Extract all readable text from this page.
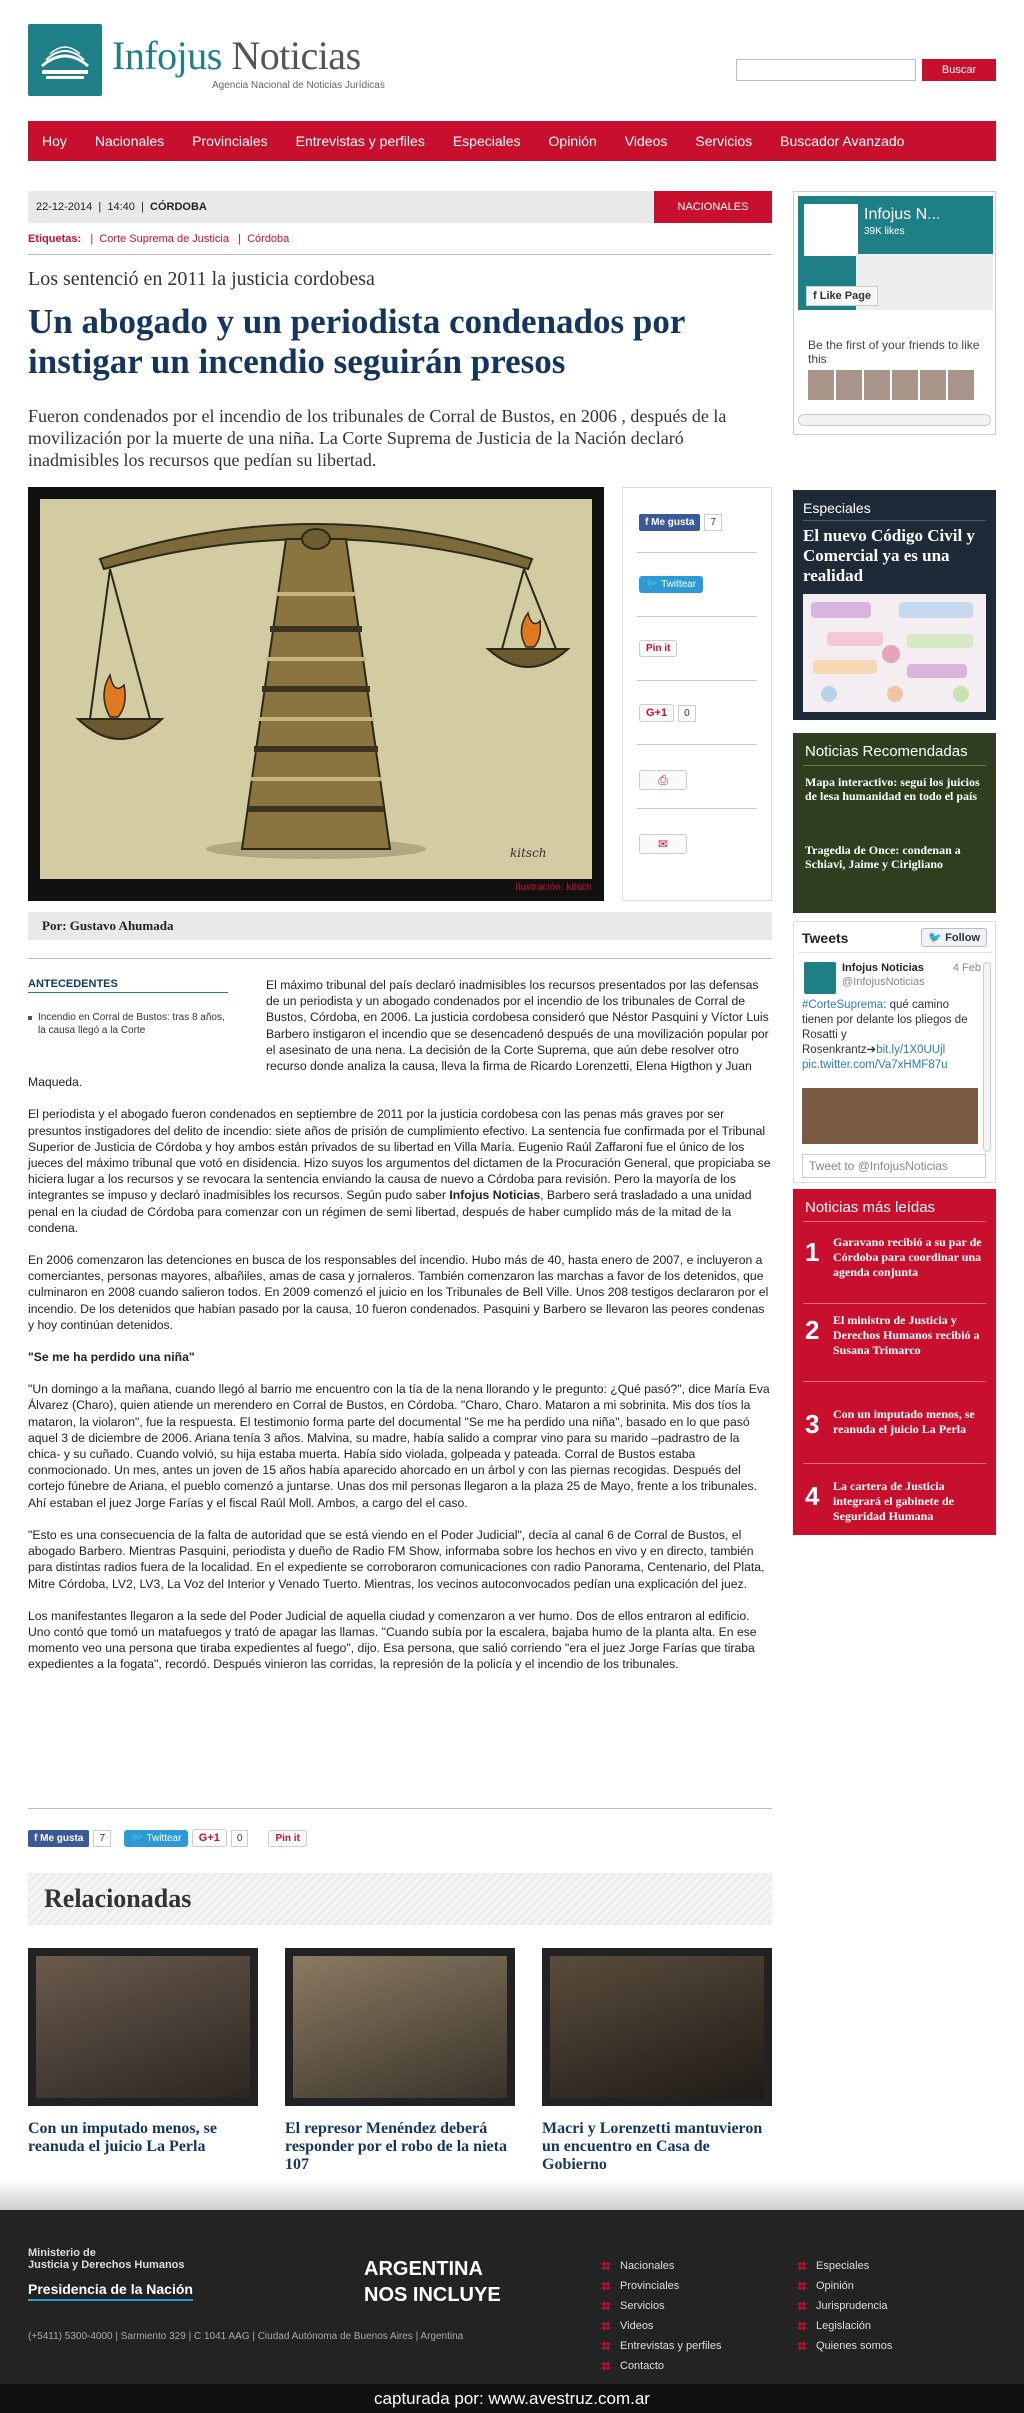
Infojus Noticias
Agencia Nacional de Noticias Jurídicas
Buscar
Hoy	Nacionales	Provinciales	Entrevistas y perfiles	Especiales	Opinión	Videos	Servicios	Buscador Avanzado
22-12-2014  |  14:40  |  CÓRDOBA	NACIONALES
Etiquetas:   |  Corte Suprema de Justicia   |  Córdoba
Los sentenció en 2011 la justicia cordobesa
Un abogado y un periodista condenados por instigar un incendio seguirán presos
Fueron condenados por el incendio de los tribunales de Corral de Bustos, en 2006 , después de la movilización por la muerte de una niña. La Corte Suprema de Justicia de la Nación declaró inadmisibles los recursos que pedían su libertad.
kitsch
Ilustración: kitsch
f Me gusta 7
🐦 Twittear
Pin it
G+1 0
⎙
✉
Por: Gustavo Ahumada
ANTECEDENTES
Incendio en Corral de Bustos: tras 8 años, la causa llegó a la Corte

El máximo tribunal del país declaró inadmisibles los recursos presentados por las defensas de un periodista y un abogado condenados por el incendio de los tribunales de Corral de Bustos, Córdoba, en 2006. La justicia cordobesa consideró que Néstor Pasquini y Víctor Luis Barbero instigaron el incendio que se desencadenó después de una movilización popular por el asesinato de una nena. La decisión de la Corte Suprema, que aún debe resolver otro recurso donde analiza la causa, lleva la firma de Ricardo Lorenzetti, Elena Higthon y Juan Maqueda.

El periodista y el abogado fueron condenados en septiembre de 2011 por la justicia cordobesa con las penas más graves por ser presuntos instigadores del delito de incendio: siete años de prisión de cumplimiento efectivo. La sentencia fue confirmada por el Tribunal Superior de Justicia de Córdoba y hoy ambos están privados de su libertad en Villa María. Eugenio Raúl Zaffaroni fue el único de los jueces del máximo tribunal que votó en disidencia. Hizo suyos los argumentos del dictamen de la Procuración General, que propiciaba se hiciera lugar a los recursos y se revocara la sentencia enviando la causa de nuevo a Córdoba para revisión. Pero la mayoría de los integrantes se impuso y declaró inadmisibles los recursos. Según pudo saber Infojus Noticias, Barbero será trasladado a una unidad penal en la ciudad de Córdoba para comenzar con un régimen de semi libertad, después de haber cumplido más de la mitad de la condena.

En 2006 comenzaron las detenciones en busca de los responsables del incendio. Hubo más de 40, hasta enero de 2007, e incluyeron a comerciantes, personas mayores, albañiles, amas de casa y jornaleros. También comenzaron las marchas a favor de los detenidos, que culminaron en 2008 cuando salieron todos. En 2009 comenzó el juicio en los Tribunales de Bell Ville. Unos 208 testigos declararon por el incendio. De los detenidos que habían pasado por la causa, 10 fueron condenados. Pasquini y Barbero se llevaron las peores condenas y hoy continúan detenidos.

"Se me ha perdido una niña"

"Un domingo a la mañana, cuando llegó al barrio me encuentro con la tía de la nena llorando y le pregunto: ¿Qué pasó?", dice María Eva Álvarez (Charo), quien atiende un merendero en Corral de Bustos, en Córdoba. "Charo, Charo. Mataron a mi sobrinita. Mis dos tíos la mataron, la violaron", fue la respuesta. El testimonio forma parte del documental "Se me ha perdido una niña", basado en lo que pasó aquel 3 de diciembre de 2006. Ariana tenía 3 años. Malvina, su madre, había salido a comprar vino para su marido –padrastro de la chica- y su cuñado. Cuando volvió, su hija estaba muerta. Había sido violada, golpeada y pateada. Corral de Bustos estaba conmocionado. Un mes, antes un joven de 15 años había aparecido ahorcado en un árbol y con las piernas recogidas. Después del cortejo fúnebre de Ariana, el pueblo comenzó a juntarse. Unas dos mil personas llegaron a la plaza 25 de Mayo, frente a los tribunales. Ahí estaban el juez Jorge Farías y el fiscal Raúl Moll. Ambos, a cargo del el caso.

"Esto es una consecuencia de la falta de autoridad que se está viendo en el Poder Judicial", decía al canal 6 de Corral de Bustos, el abogado Barbero. Mientras Pasquini, periodista y dueño de Radio FM Show, informaba sobre los hechos en vivo y en directo, también para distintas radios fuera de la localidad. En el expediente se corroboraron comunicaciones con radio Panorama, Centenario, del Plata, Mitre Córdoba, LV2, LV3, La Voz del Interior y Venado Tuerto. Mientras, los vecinos autoconvocados pedían una explicación del juez.

Los manifestantes llegaron a la sede del Poder Judicial de aquella ciudad y comenzaron a ver humo. Dos de ellos entraron al edificio. Uno contó que tomó un matafuegos y trató de apagar las llamas. "Cuando subía por la escalera, bajaba humo de la planta alta. En ese momento veo una persona que tiraba expedientes al fuego", dijo. Esa persona, que salió corriendo "era el juez Jorge Farías que tiraba expedientes a la fogata", recordó. Después vinieron las corridas, la represión de la policía y el incendio de los tribunales.

f Me gusta 7	🐦 Twittear G+1 0	Pin it
Relacionadas
Con un imputado menos, se reanuda el juicio La Perla
El represor Menéndez deberá responder por el robo de la nieta 107
Macri y Lorenzetti mantuvieron un encuentro en Casa de Gobierno
Infojus N...
39K likes
f Like Page
Be the first of your friends to like this
Especiales
El nuevo Código Civil y Comercial ya es una realidad
Noticias Recomendadas
Mapa interactivo: seguí los juicios de lesa humanidad en todo el país
Tragedia de Once: condenan a Schiavi, Jaime y Cirigliano
Tweets	🐦 Follow
Infojus Noticias
@InfojusNoticias
4 Feb
#CorteSuprema: qué camino tienen por delante los pliegos de Rosatti y Rosenkrantz➔bit.ly/1X0UUjl pic.twitter.com/Va7xHMF87u
Tweet to @InfojusNoticias
Noticias más leídas
1 Garavano recibió a su par de Córdoba para coordinar una agenda conjunta
2 El ministro de Justicia y Derechos Humanos recibió a Susana Trimarco
3 Con un imputado menos, se reanuda el juicio La Perla
4 La cartera de Justicia integrará el gabinete de Seguridad Humana
Ministerio de
Justicia y Derechos Humanos
Presidencia de la Nación
ARGENTINA
NOS INCLUYE
(+5411) 5300-4000 | Sarmiento 329 | C 1041 AAG | Ciudad Autónoma de Buenos Aires | Argentina
Nacionales
Provinciales
Servicios
Videos
Entrevistas y perfiles
Contacto
Especiales
Opinión
Jurisprudencia
Legislación
Quienes somos
capturada por: www.avestruz.com.ar
